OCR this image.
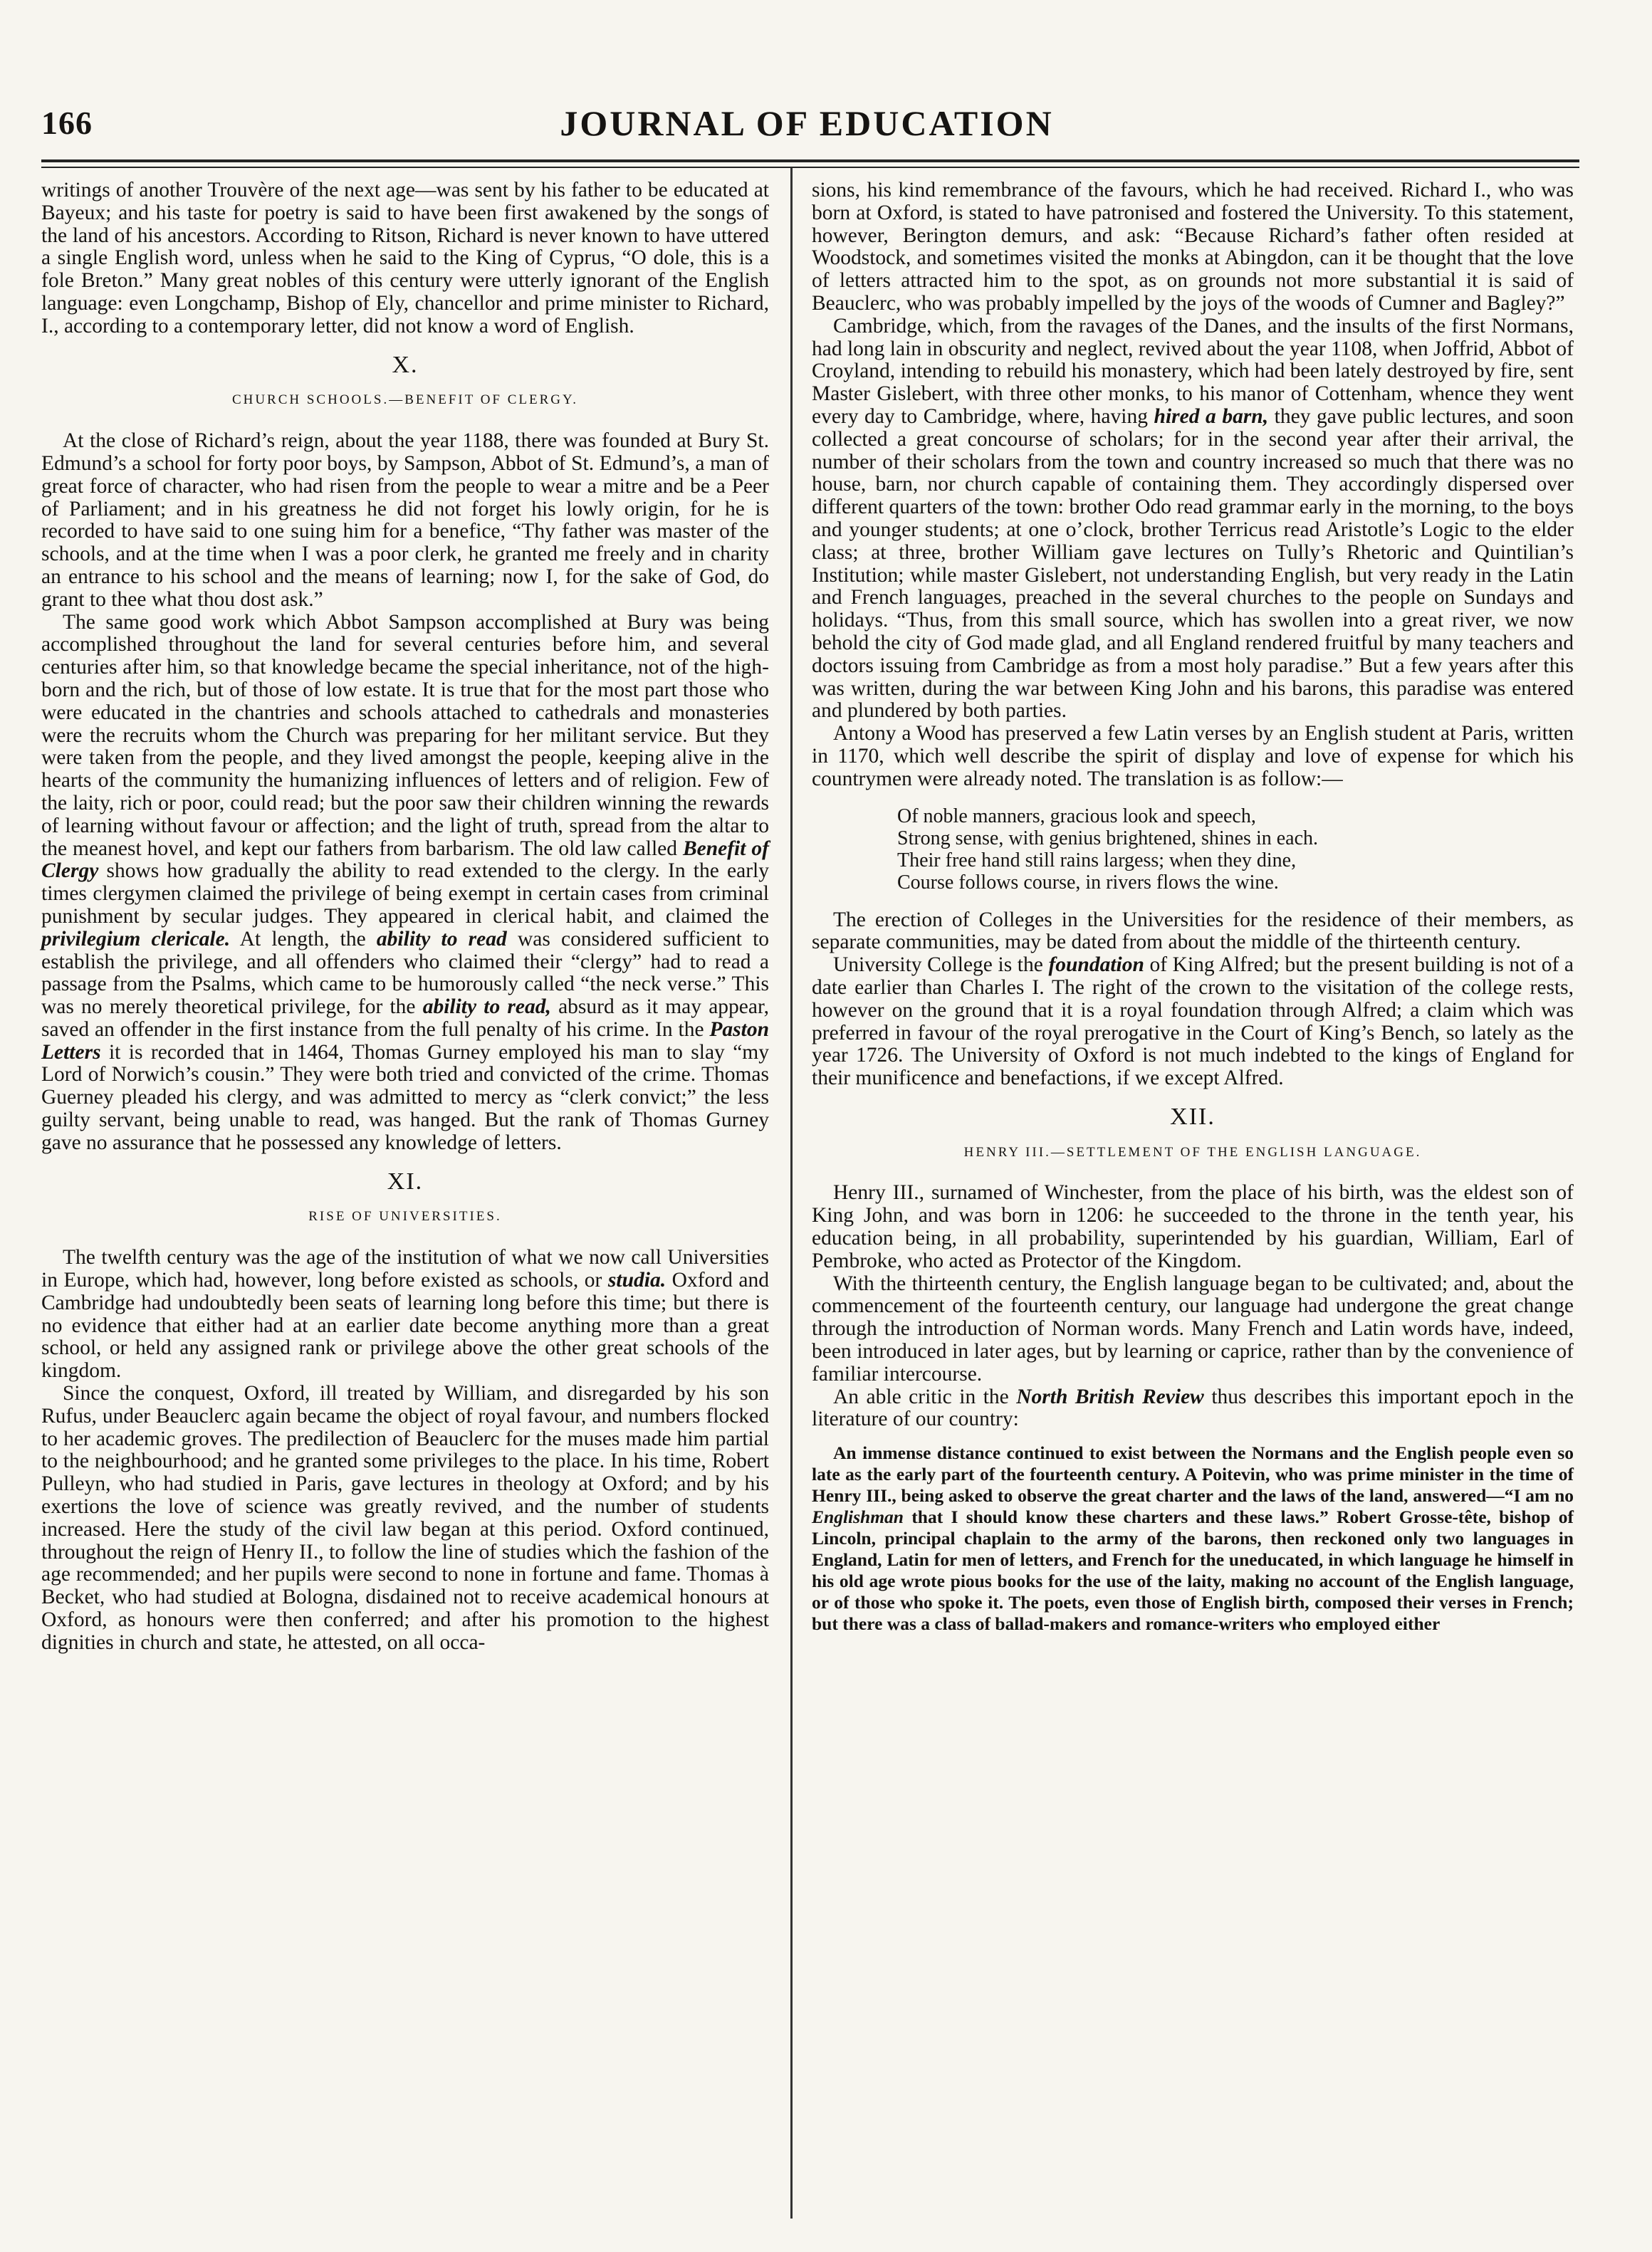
166	JOURNAL OF EDUCATION

writings of another Trouvère of the next age—was sent by his father to be educated at Bayeux; and his taste for poetry is said to have been first awakened by the songs of the land of his ancestors. According to Ritson, Richard is never known to have uttered a single English word, unless when he said to the King of Cyprus, “O dole, this is a fole Breton.” Many great nobles of this century were utterly ignorant of the English language: even Longchamp, Bishop of Ely, chancellor and prime minister to Richard, I., according to a contemporary letter, did not know a word of English.

X.
CHURCH SCHOOLS.—BENEFIT OF CLERGY.

At the close of Richard’s reign, about the year 1188, there was founded at Bury St. Edmund’s a school for forty poor boys, by Sampson, Abbot of St. Edmund’s, a man of great force of character, who had risen from the people to wear a mitre and be a Peer of Parliament; and in his greatness he did not forget his lowly origin, for he is recorded to have said to one suing him for a benefice, “Thy father was master of the schools, and at the time when I was a poor clerk, he granted me freely and in charity an entrance to his school and the means of learning; now I, for the sake of God, do grant to thee what thou dost ask.”

The same good work which Abbot Sampson accomplished at Bury was being accomplished throughout the land for several centuries before him, and several centuries after him, so that knowledge became the special inheritance, not of the high-born and the rich, but of those of low estate. It is true that for the most part those who were educated in the chantries and schools attached to cathedrals and monasteries were the recruits whom the Church was preparing for her militant service. But they were taken from the people, and they lived amongst the people, keeping alive in the hearts of the community the humanizing influences of letters and of religion. Few of the laity, rich or poor, could read; but the poor saw their children winning the rewards of learning without favour or affection; and the light of truth, spread from the altar to the meanest hovel, and kept our fathers from barbarism. The old law called Benefit of Clergy shows how gradually the ability to read extended to the clergy. In the early times clergymen claimed the privilege of being exempt in certain cases from criminal punishment by secular judges. They appeared in clerical habit, and claimed the privilegium clericale. At length, the ability to read was considered sufficient to establish the privilege, and all offenders who claimed their “clergy” had to read a passage from the Psalms, which came to be humorously called “the neck verse.” This was no merely theoretical privilege, for the ability to read, absurd as it may appear, saved an offender in the first instance from the full penalty of his crime. In the Paston Letters it is recorded that in 1464, Thomas Gurney employed his man to slay “my Lord of Norwich’s cousin.” They were both tried and convicted of the crime. Thomas Guerney pleaded his clergy, and was admitted to mercy as “clerk convict;” the less guilty servant, being unable to read, was hanged. But the rank of Thomas Gurney gave no assurance that he possessed any knowledge of letters.

XI.
RISE OF UNIVERSITIES.

The twelfth century was the age of the institution of what we now call Universities in Europe, which had, however, long before existed as schools, or studia. Oxford and Cambridge had undoubtedly been seats of learning long before this time; but there is no evidence that either had at an earlier date become anything more than a great school, or held any assigned rank or privilege above the other great schools of the kingdom.

Since the conquest, Oxford, ill treated by William, and disregarded by his son Rufus, under Beauclerc again became the object of royal favour, and numbers flocked to her academic groves. The predilection of Beauclerc for the muses made him partial to the neighbourhood; and he granted some privileges to the place. In his time, Robert Pulleyn, who had studied in Paris, gave lectures in theology at Oxford; and by his exertions the love of science was greatly revived, and the number of students increased. Here the study of the civil law began at this period. Oxford continued, throughout the reign of Henry II., to follow the line of studies which the fashion of the age recommended; and her pupils were second to none in fortune and fame. Thomas à Becket, who had studied at Bologna, disdained not to receive academical honours at Oxford, as honours were then conferred; and after his promotion to the highest dignities in church and state, he attested, on all occa-

sions, his kind remembrance of the favours, which he had received. Richard I., who was born at Oxford, is stated to have patronised and fostered the University. To this statement, however, Berington demurs, and ask: “Because Richard’s father often resided at Woodstock, and sometimes visited the monks at Abingdon, can it be thought that the love of letters attracted him to the spot, as on grounds not more substantial it is said of Beauclerc, who was probably impelled by the joys of the woods of Cumner and Bagley?”

Cambridge, which, from the ravages of the Danes, and the insults of the first Normans, had long lain in obscurity and neglect, revived about the year 1108, when Joffrid, Abbot of Croyland, intending to rebuild his monastery, which had been lately destroyed by fire, sent Master Gislebert, with three other monks, to his manor of Cottenham, whence they went every day to Cambridge, where, having hired a barn, they gave public lectures, and soon collected a great concourse of scholars; for in the second year after their arrival, the number of their scholars from the town and country increased so much that there was no house, barn, nor church capable of containing them. They accordingly dispersed over different quarters of the town: brother Odo read grammar early in the morning, to the boys and younger students; at one o’clock, brother Terricus read Aristotle’s Logic to the elder class; at three, brother William gave lectures on Tully’s Rhetoric and Quintilian’s Institution; while master Gislebert, not understanding English, but very ready in the Latin and French languages, preached in the several churches to the people on Sundays and holidays. “Thus, from this small source, which has swollen into a great river, we now behold the city of God made glad, and all England rendered fruitful by many teachers and doctors issuing from Cambridge as from a most holy paradise.” But a few years after this was written, during the war between King John and his barons, this paradise was entered and plundered by both parties.

Antony a Wood has preserved a few Latin verses by an English student at Paris, written in 1170, which well describe the spirit of display and love of expense for which his countrymen were already noted. The translation is as follow:—

Of noble manners, gracious look and speech,
Strong sense, with genius brightened, shines in each.
Their free hand still rains largess; when they dine,
Course follows course, in rivers flows the wine.

The erection of Colleges in the Universities for the residence of their members, as separate communities, may be dated from about the middle of the thirteenth century.

University College is the foundation of King Alfred; but the present building is not of a date earlier than Charles I. The right of the crown to the visitation of the college rests, however on the ground that it is a royal foundation through Alfred; a claim which was preferred in favour of the royal prerogative in the Court of King’s Bench, so lately as the year 1726. The University of Oxford is not much indebted to the kings of England for their munificence and benefactions, if we except Alfred.

XII.
HENRY III.—SETTLEMENT OF THE ENGLISH LANGUAGE.

Henry III., surnamed of Winchester, from the place of his birth, was the eldest son of King John, and was born in 1206: he succeeded to the throne in the tenth year, his education being, in all probability, superintended by his guardian, William, Earl of Pembroke, who acted as Protector of the Kingdom.

With the thirteenth century, the English language began to be cultivated; and, about the commencement of the fourteenth century, our language had undergone the great change through the introduction of Norman words. Many French and Latin words have, indeed, been introduced in later ages, but by learning or caprice, rather than by the convenience of familiar intercourse.

An able critic in the North British Review thus describes this important epoch in the literature of our country:

An immense distance continued to exist between the Normans and the English people even so late as the early part of the fourteenth century. A Poitevin, who was prime minister in the time of Henry III., being asked to observe the great charter and the laws of the land, answered—“I am no Englishman that I should know these charters and these laws.” Robert Grosse-tête, bishop of Lincoln, principal chaplain to the army of the barons, then reckoned only two languages in England, Latin for men of letters, and French for the uneducated, in which language he himself in his old age wrote pious books for the use of the laity, making no account of the English language, or of those who spoke it. The poets, even those of English birth, composed their verses in French; but there was a class of ballad-makers and romance-writers who employed either
